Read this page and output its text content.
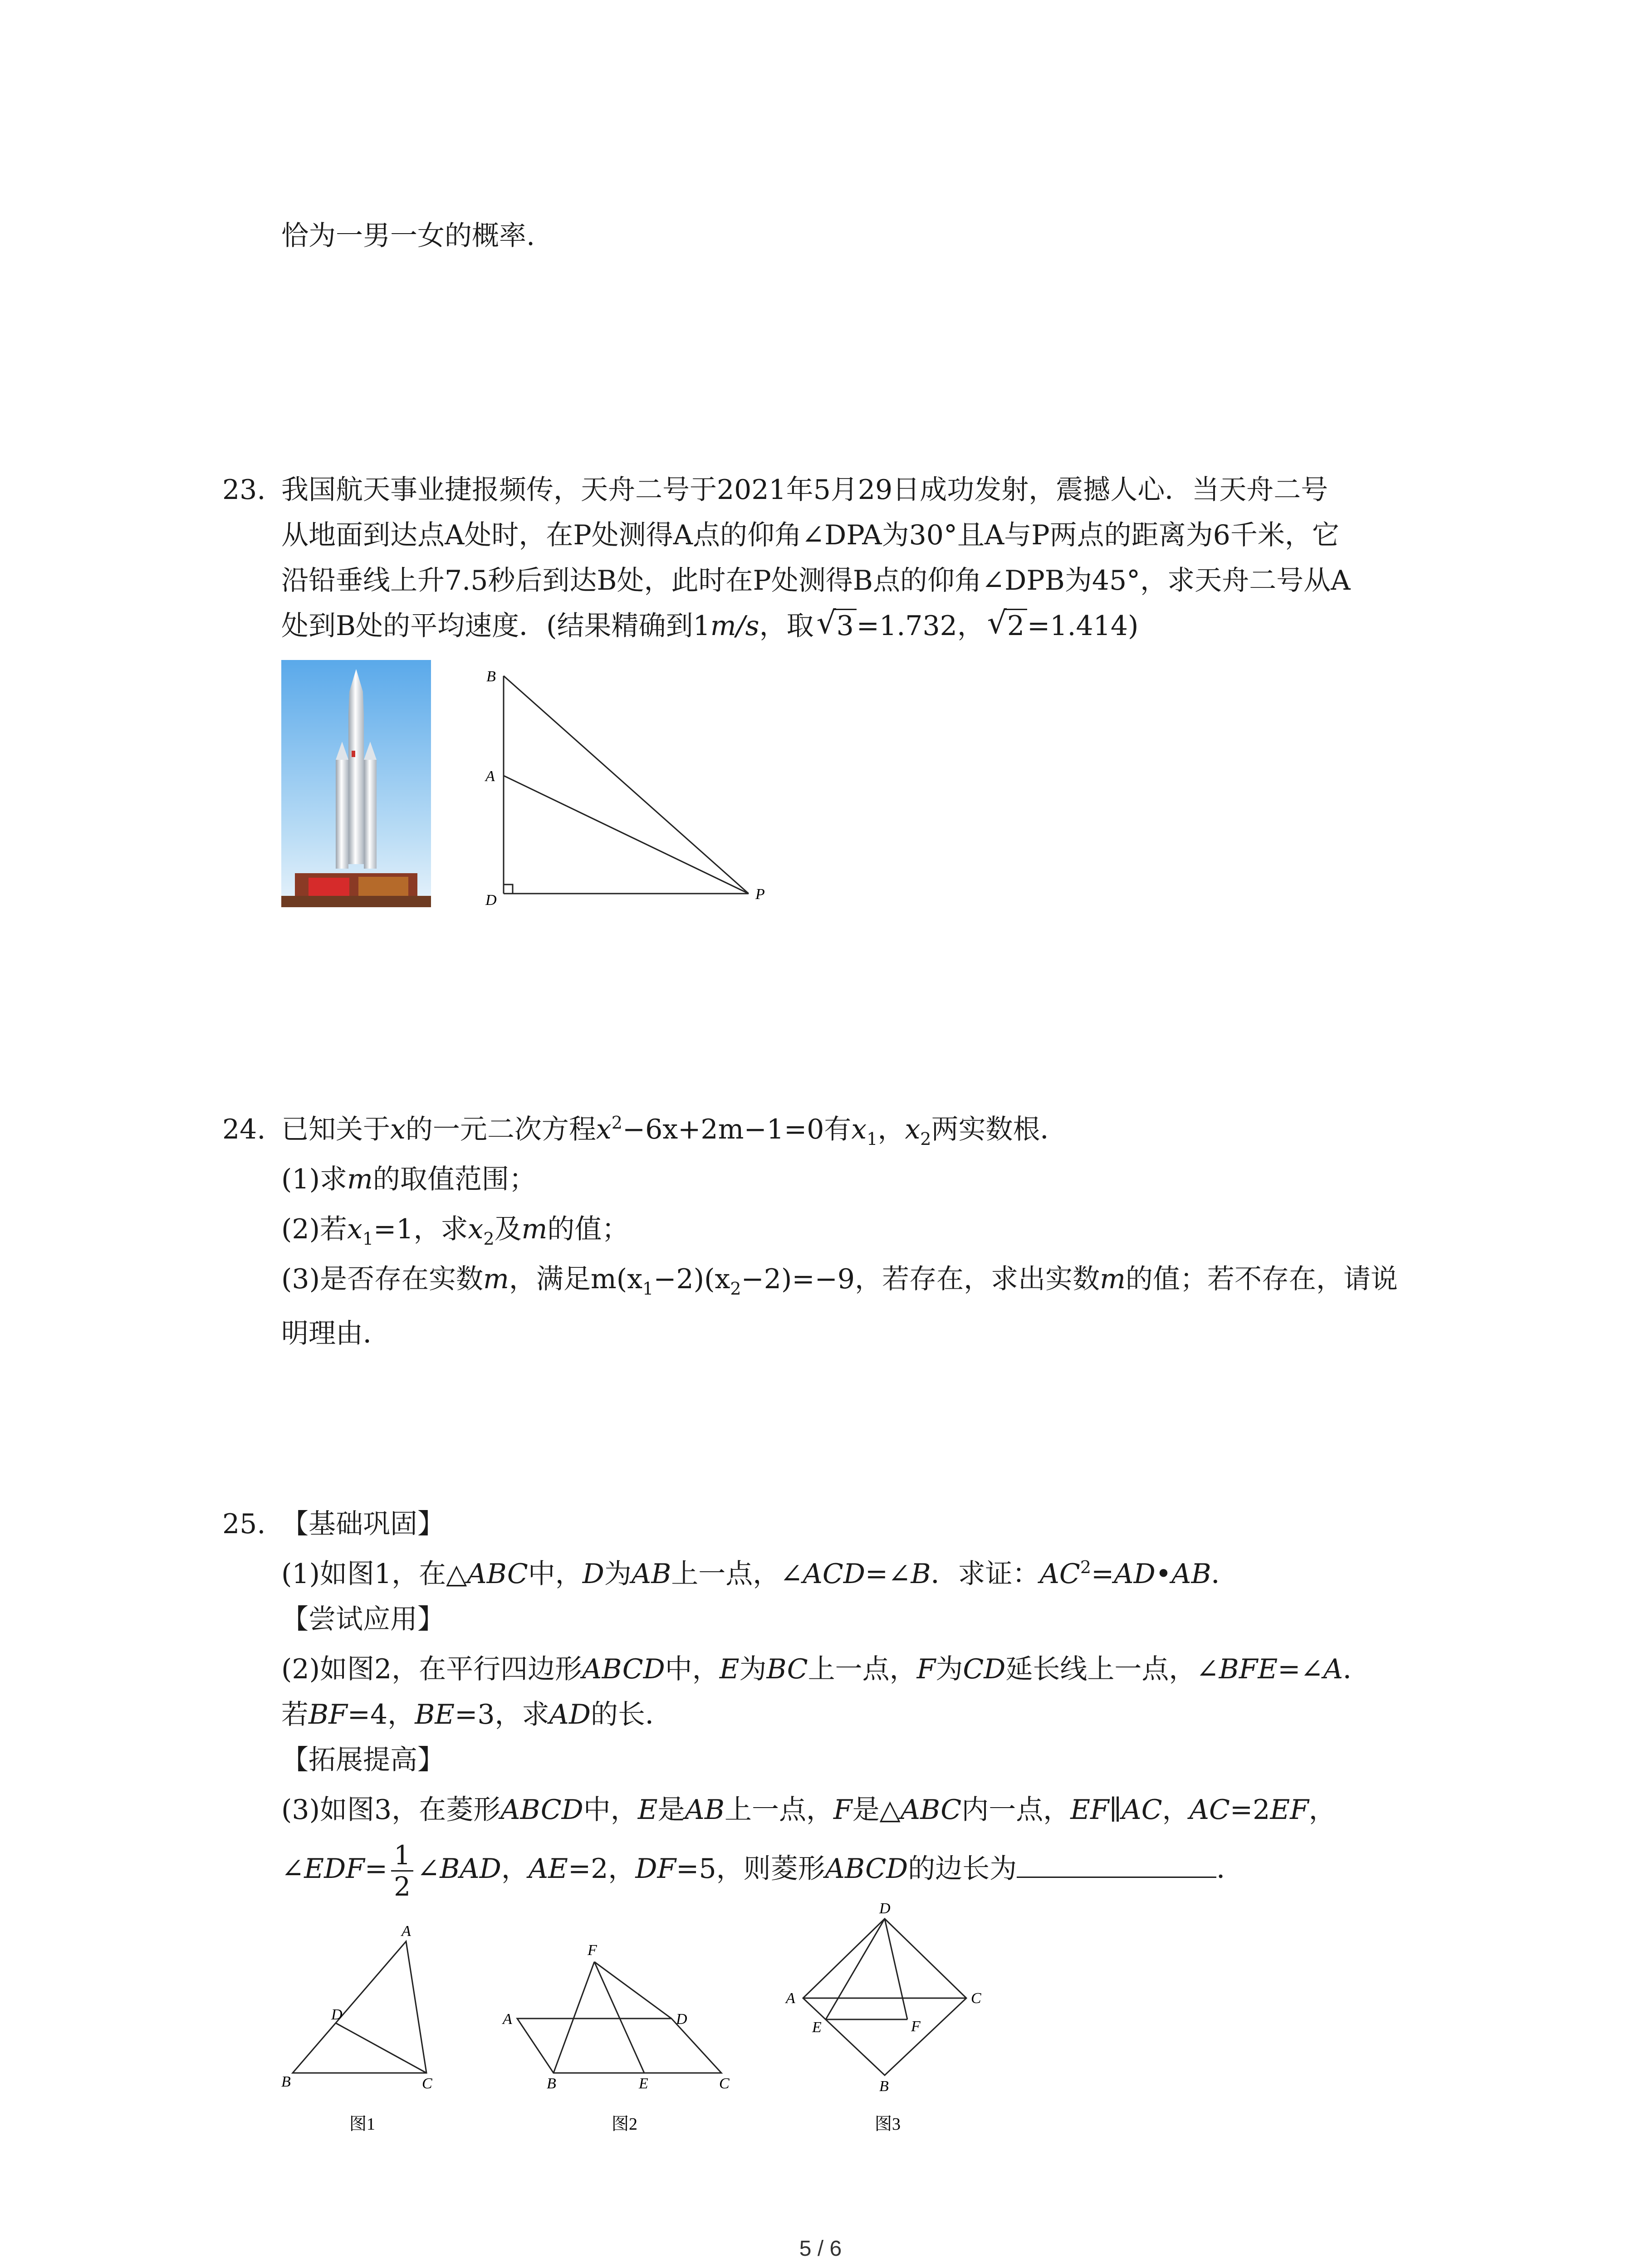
恰为一男一女的概率.
23. 我国航天事业捷报频传，天舟二号于2021年5月29日成功发射，震撼人心．当天舟二号
从地面到达点A处时，在P处测得A点的仰角∠DPA为30°且A与P两点的距离为6千米，它
沿铅垂线上升7.5秒后到达B处，此时在P处测得B点的仰角∠DPB为45°，求天舟二号从A
处到B处的平均速度．(结果精确到1m/s，取 √ 3 =1.732， √ 2 =1.414)
B
A
D	P
24. 已知关于x的一元二次方程$x^2-6x+2m-1=0$有$x_1$，$x_2$两实数根．
(1)求m的取值范围；
(2)若$x_1=1$，求$x_2$及m的值；
(3)是否存在实数m，满足$m(x_1-2)(x_2-2)=-9$，若存在，求出实数m的值；若不存在，请说
明理由．
25. 【基础巩固】
(1)如图1，在△ABC中，D为AB上一点，∠ACD=∠B．求证：$AC^2=AD•AB$．
【尝试应用】
(2)如图2，在平行四边形ABCD中，E为BC上一点，F为CD延长线上一点，∠BFE=∠A．
若BF=4，BE=3，求AD的长．
【拓展提高】
(3)如图3，在菱形ABCD中，E是AB上一点，F是△ABC内一点，EF∥AC，AC=2EF，
∠EDF= $\frac{1}{2}$ ∠BAD，AE=2，DF=5，则菱形ABCD的边长为	．
A
D
B	C
图1
F
A	D
B	E	C
图2
D
A	C
E	F
B
图3
5 / 6
